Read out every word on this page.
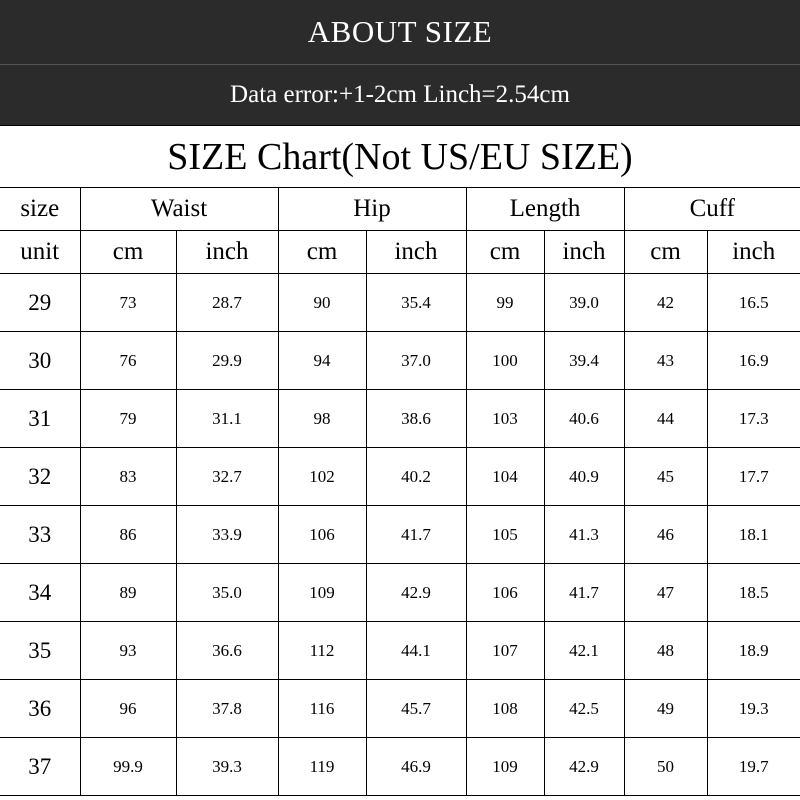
ABOUT SIZE
Data error:+1-2cm Linch=2.54cm
SIZE Chart(Not US/EU SIZE)
size	Waist		Hip		Length		Cuff	
unit	cm	inch	cm	inch	cm	inch	cm	inch
29	73	28.7	90	35.4	99	39.0	42	16.5
30	76	29.9	94	37.0	100	39.4	43	16.9
31	79	31.1	98	38.6	103	40.6	44	17.3
32	83	32.7	102	40.2	104	40.9	45	17.7
33	86	33.9	106	41.7	105	41.3	46	18.1
34	89	35.0	109	42.9	106	41.7	47	18.5
35	93	36.6	112	44.1	107	42.1	48	18.9
36	96	37.8	116	45.7	108	42.5	49	19.3
37	99.9	39.3	119	46.9	109	42.9	50	19.7
